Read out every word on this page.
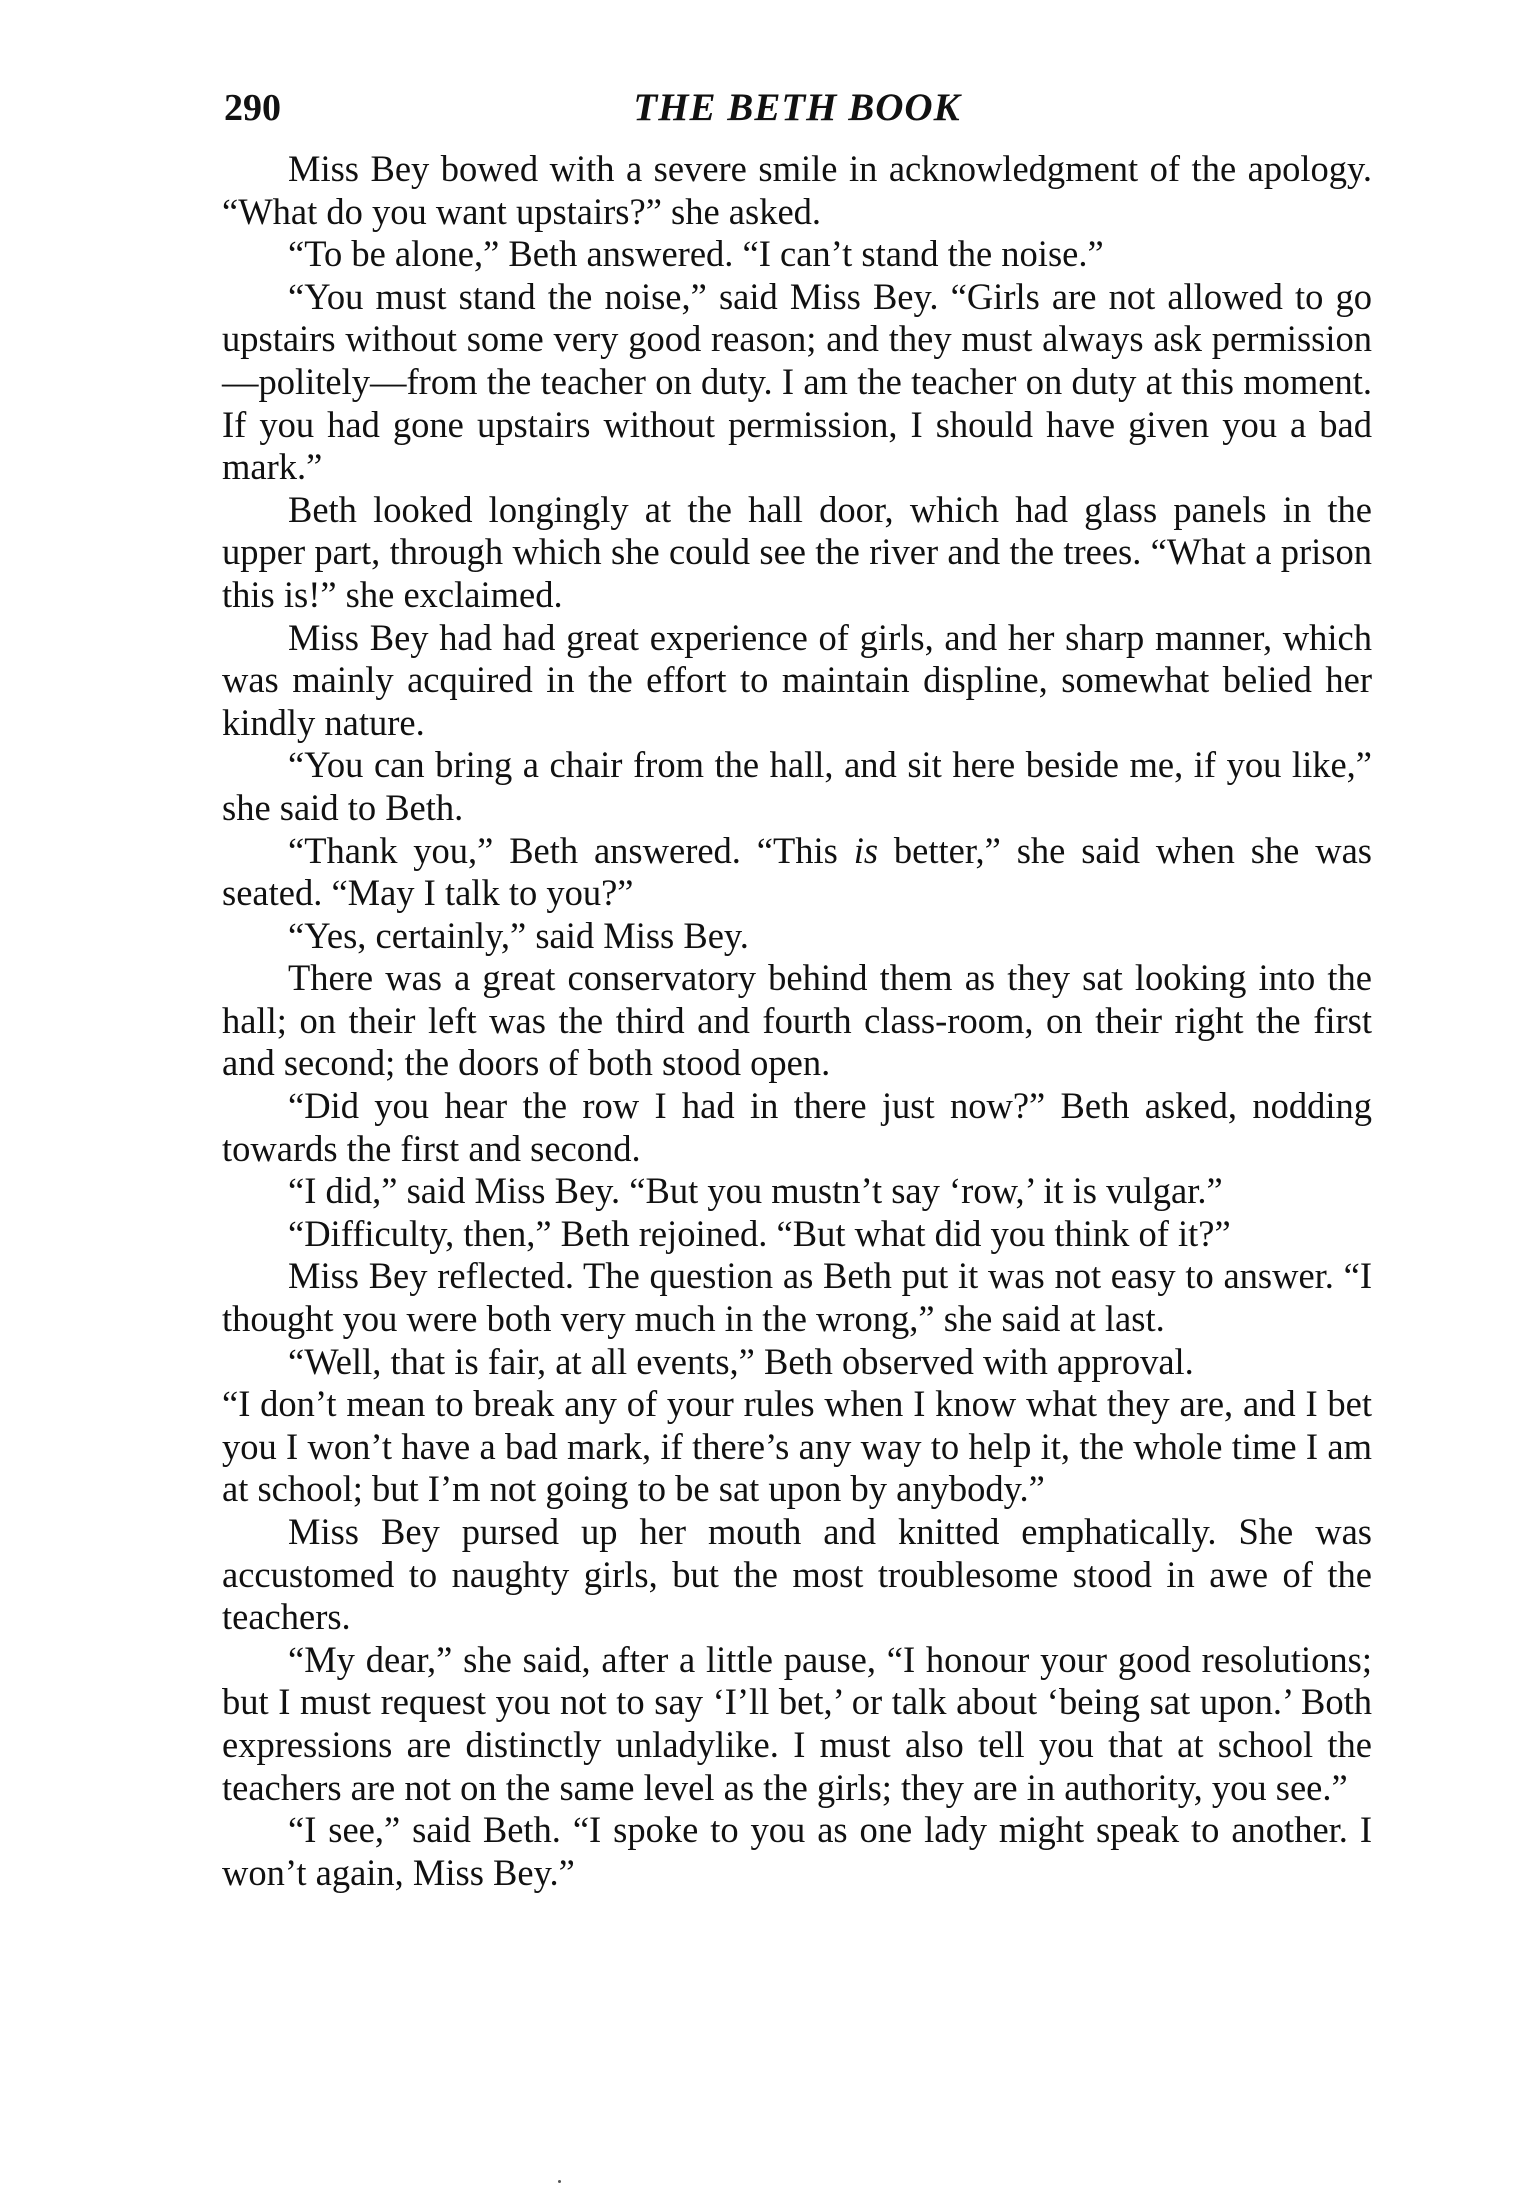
290	THE BETH BOOK

Miss Bey bowed with a severe smile in acknowledgment of the apology. “What do you want upstairs?” she asked.

“To be alone,” Beth answered. “I can’t stand the noise.”

“You must stand the noise,” said Miss Bey. “Girls are not allowed to go upstairs without some very good reason; and they must always ask permission—politely—from the teacher on duty. I am the teacher on duty at this moment. If you had gone upstairs without permission, I should have given you a bad mark.”

Beth looked longingly at the hall door, which had glass panels in the upper part, through which she could see the river and the trees. “What a prison this is!” she exclaimed.

Miss Bey had had great experience of girls, and her sharp manner, which was mainly acquired in the effort to maintain displine, somewhat belied her kindly nature.

“You can bring a chair from the hall, and sit here beside me, if you like,” she said to Beth.

“Thank you,” Beth answered. “This is better,” she said when she was seated. “May I talk to you?”

“Yes, certainly,” said Miss Bey.

There was a great conservatory behind them as they sat looking into the hall; on their left was the third and fourth class-room, on their right the first and second; the doors of both stood open.

“Did you hear the row I had in there just now?” Beth asked, nodding towards the first and second.

“I did,” said Miss Bey. “But you mustn’t say ‘row,’ it is vulgar.”

“Difficulty, then,” Beth rejoined. “But what did you think of it?”

Miss Bey reflected. The question as Beth put it was not easy to answer. “I thought you were both very much in the wrong,” she said at last.

“Well, that is fair, at all events,” Beth observed with approval.

“I don’t mean to break any of your rules when I know what they are, and I bet you I won’t have a bad mark, if there’s any way to help it, the whole time I am at school; but I’m not going to be sat upon by anybody.”

Miss Bey pursed up her mouth and knitted emphatically. She was accustomed to naughty girls, but the most troublesome stood in awe of the teachers.

“My dear,” she said, after a little pause, “I honour your good resolutions; but I must request you not to say ‘I’ll bet,’ or talk about ‘being sat upon.’ Both expressions are distinctly unladylike. I must also tell you that at school the teachers are not on the same level as the girls; they are in authority, you see.”

“I see,” said Beth. “I spoke to you as one lady might speak to another. I won’t again, Miss Bey.”
